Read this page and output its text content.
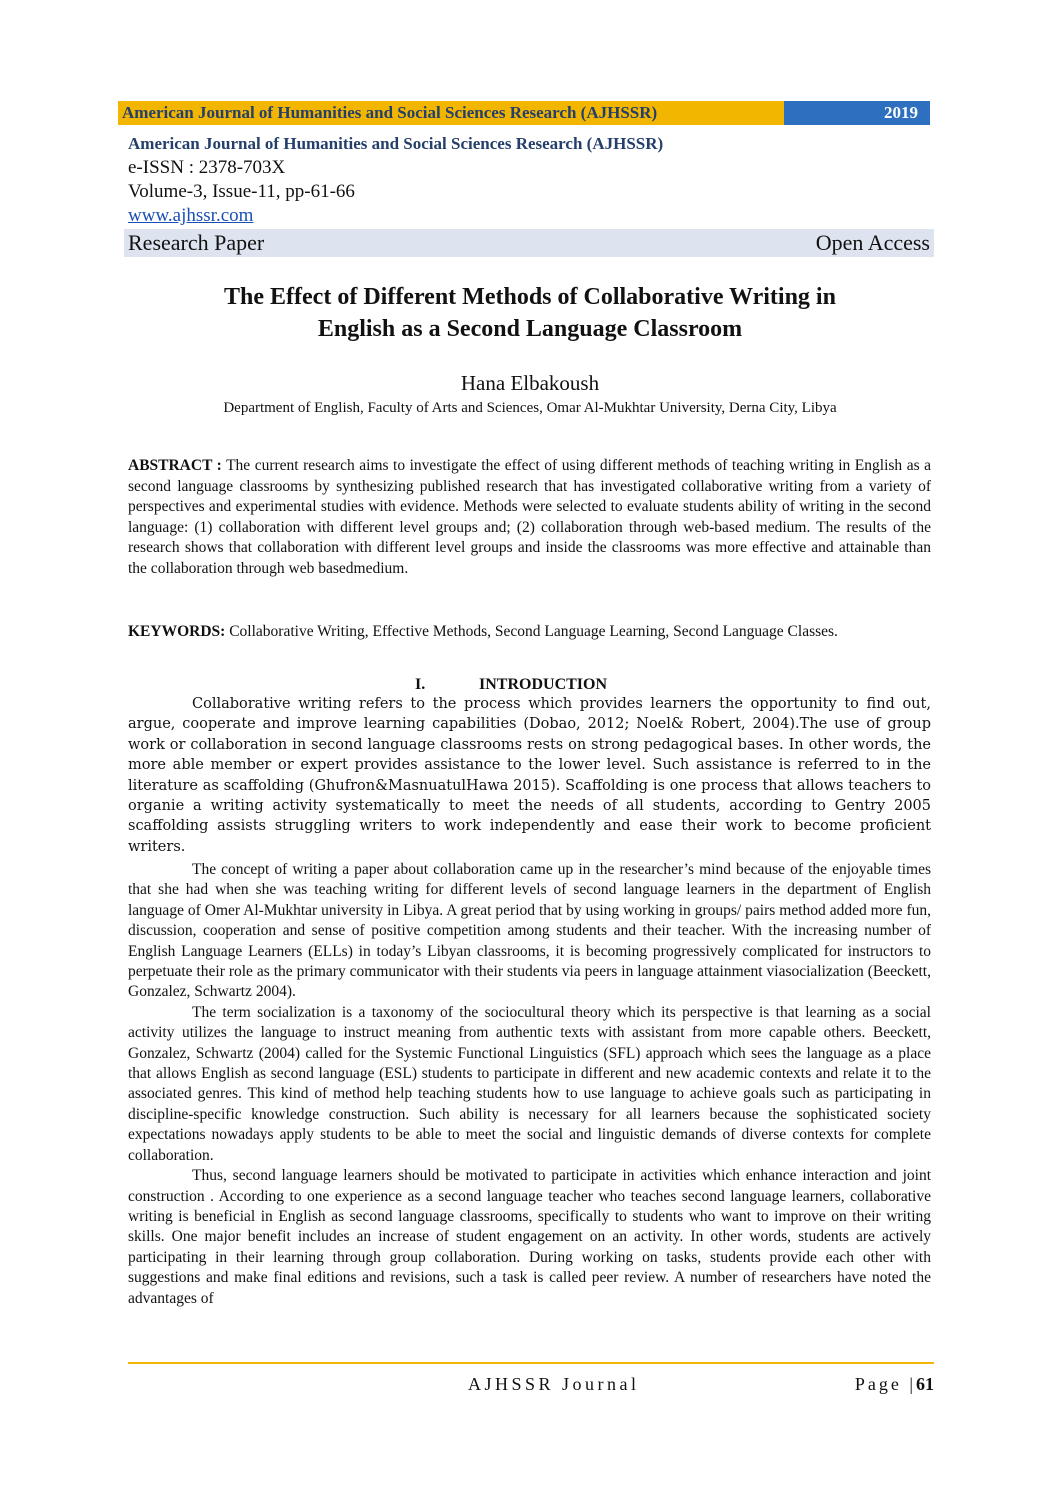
American Journal of Humanities and Social Sciences Research (AJHSSR)	2019
American Journal of Humanities and Social Sciences Research (AJHSSR)
e-ISSN : 2378-703X
Volume-3, Issue-11, pp-61-66
www.ajhssr.com
Research Paper	Open Access
The Effect of Different Methods of Collaborative Writing in
English as a Second Language Classroom
Hana Elbakoush
Department of English, Faculty of Arts and Sciences, Omar Al-Mukhtar University, Derna City, Libya

ABSTRACT : The current research aims to investigate the effect of using different methods of teaching writing in English as a second language classrooms by synthesizing published research that has investigated collaborative writing from a variety of perspectives and experimental studies with evidence. Methods were selected to evaluate students ability of writing in the second language: (1) collaboration with different level groups and; (2) collaboration through web-based medium. The results of the research shows that collaboration with different level groups and inside the classrooms was more effective and attainable than the collaboration through web basedmedium.

KEYWORDS: Collaborative Writing, Effective Methods, Second Language Learning, Second Language Classes.

I.	INTRODUCTION

Collaborative writing refers to the process which provides learners the opportunity to find out, argue, cooperate and improve learning capabilities (Dobao, 2012; Noel& Robert, 2004).The use of group work or collaboration in second language classrooms rests on strong pedagogical bases. In other words, the more able member or expert provides assistance to the lower level. Such assistance is referred to in the literature as scaffolding (Ghufron&MasnuatulHawa 2015). Scaffolding is one process that allows teachers to organie a writing activity systematically to meet the needs of all students, according to Gentry 2005 scaffolding assists struggling writers to work independently and ease their work to become proficient writers.

The concept of writing a paper about collaboration came up in the researcher’s mind because of the enjoyable times that she had when she was teaching writing for different levels of second language learners in the department of English language of Omer Al-Mukhtar university in Libya. A great period that by using working in groups/ pairs method added more fun, discussion, cooperation and sense of positive competition among students and their teacher. With the increasing number of English Language Learners (ELLs) in today’s Libyan classrooms, it is becoming progressively complicated for instructors to perpetuate their role as the primary communicator with their students via peers in language attainment viasocialization (Beeckett, Gonzalez, Schwartz 2004).

The term socialization is a taxonomy of the sociocultural theory which its perspective is that learning as a social activity utilizes the language to instruct meaning from authentic texts with assistant from more capable others. Beeckett, Gonzalez, Schwartz (2004) called for the Systemic Functional Linguistics (SFL) approach which sees the language as a place that allows English as second language (ESL) students to participate in different and new academic contexts and relate it to the associated genres. This kind of method help teaching students how to use language to achieve goals such as participating in discipline-specific knowledge construction. Such ability is necessary for all learners because the sophisticated society expectations nowadays apply students to be able to meet the social and linguistic demands of diverse contexts for complete collaboration.

Thus, second language learners should be motivated to participate in activities which enhance interaction and joint construction . According to one experience as a second language teacher who teaches second language learners, collaborative writing is beneficial in English as second language classrooms, specifically to students who want to improve on their writing skills. One major benefit includes an increase of student engagement on an activity. In other words, students are actively participating in their learning through group collaboration. During working on tasks, students provide each other with suggestions and make final editions and revisions, such a task is called peer review. A number of researchers have noted the advantages of

AJHSSR Journal	Page |61
